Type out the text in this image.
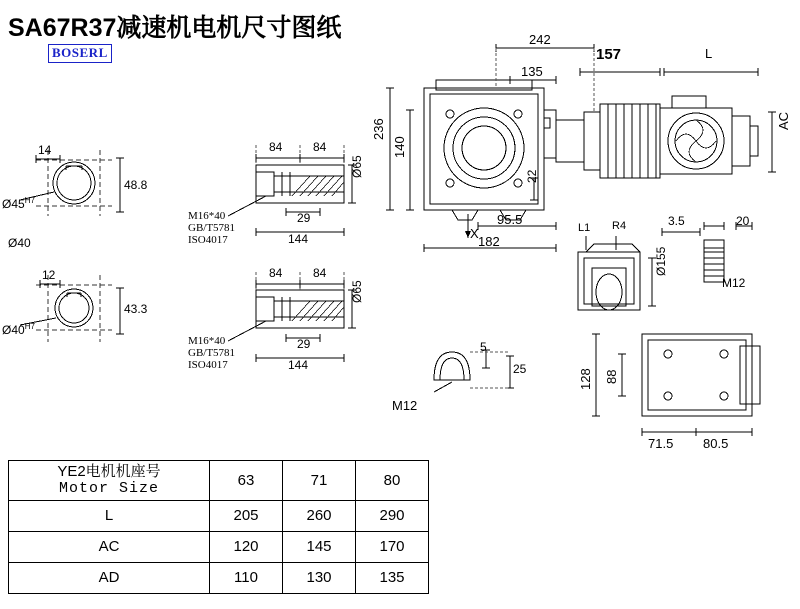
SA67R37减速机电机尺寸图纸
BOSERL
14
$Ø45^{H7}$
48.8
Ø40
12
$Ø40^{H7}$
43.3
84	84
29
144
Ø65
84	84
29
144
Ø65
M16*40
GB/T5781
ISO4017
M16*40
GB/T5781
ISO4017
242
135
157	L
236
140
22
AC
95.5
182
X	L1 R4	3.5	20
Ø155
M12
5
25
M12
128 88
71.5 80.5
YE2电机机座号
Motor Size	63	71	80
L	205	260	290
AC	120	145	170
AD	110	130	135
